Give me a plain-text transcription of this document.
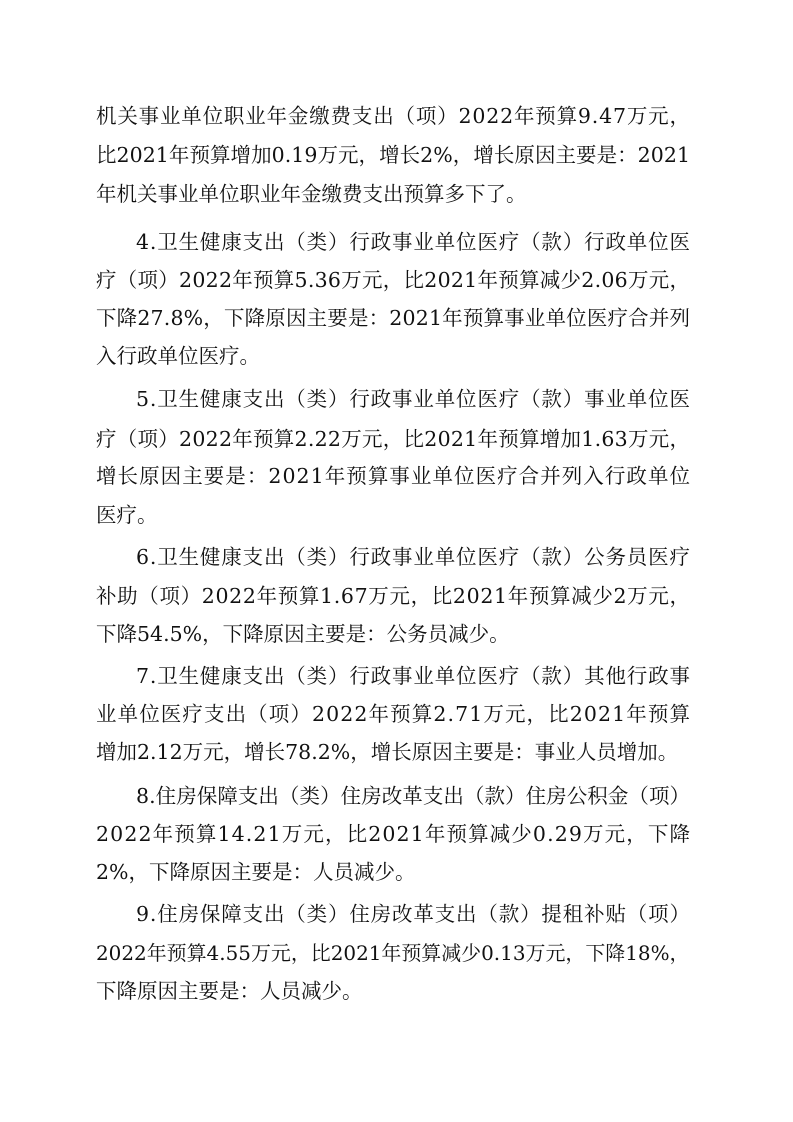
机关事业单位职业年金缴费支出（项）2022年预算9.47万元，
比2021年预算增加0.19万元，增长2%，增长原因主要是：2021
年机关事业单位职业年金缴费支出预算多下了。
4.卫生健康支出（类）行政事业单位医疗（款）行政单位医
疗（项）2022年预算5.36万元，比2021年预算减少2.06万元，
下降27.8%，下降原因主要是：2021年预算事业单位医疗合并列
入行政单位医疗。
5.卫生健康支出（类）行政事业单位医疗（款）事业单位医
疗（项）2022年预算2.22万元，比2021年预算增加1.63万元，
增长原因主要是：2021年预算事业单位医疗合并列入行政单位
医疗。
6.卫生健康支出（类）行政事业单位医疗（款）公务员医疗
补助（项）2022年预算1.67万元，比2021年预算减少2万元，
下降54.5%，下降原因主要是：公务员减少。
7.卫生健康支出（类）行政事业单位医疗（款）其他行政事
业单位医疗支出（项）2022年预算2.71万元，比2021年预算
增加2.12万元，增长78.2%，增长原因主要是：事业人员增加。
8.住房保障支出（类）住房改革支出（款）住房公积金（项）
2022年预算14.21万元，比2021年预算减少0.29万元，下降
2%，下降原因主要是：人员减少。
9.住房保障支出（类）住房改革支出（款）提租补贴（项）
2022年预算4.55万元，比2021年预算减少0.13万元，下降18%，
下降原因主要是：人员减少。
